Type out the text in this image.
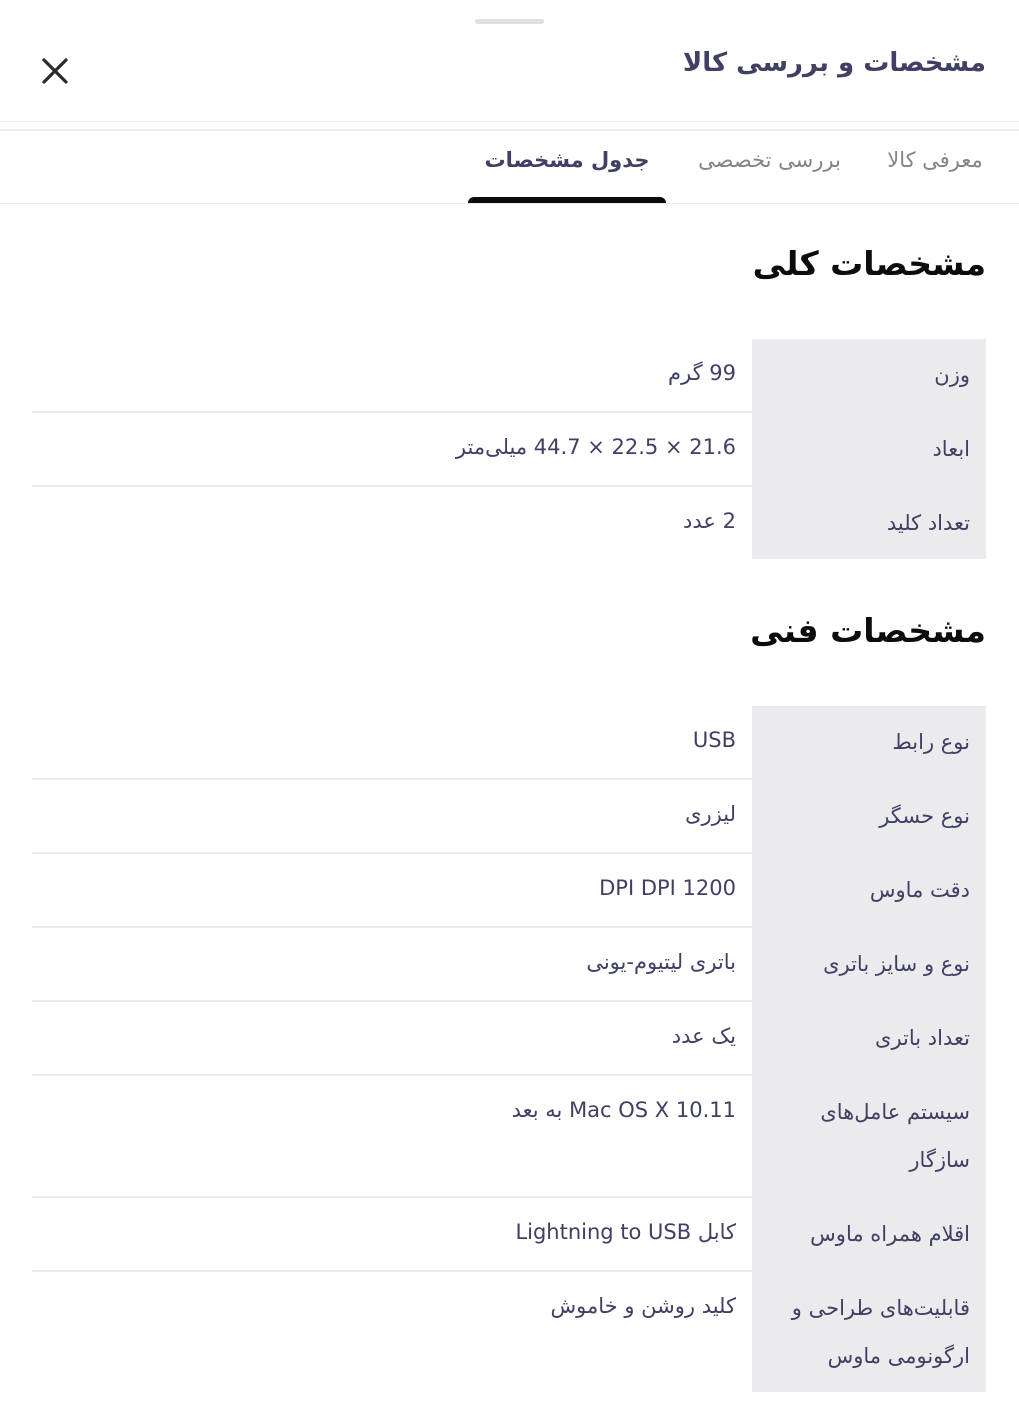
مشخصات و بررسی کالا
معرفی کالا
بررسی تخصصی
جدول مشخصات
مشخصات کلی
وزن
99 گرم
ابعاد
21.6 × 22.5 × 44.7 میلی‌متر
تعداد کلید
2 عدد
مشخصات فنی
نوع رابط
USB
نوع حسگر
لیزری
دقت ماوس
1200 DPI DPI
نوع و سایز باتری
باتری لیتیوم-یونی
تعداد باتری
یک عدد
سیستم عامل‌های سازگار
Mac OS X 10.11 به بعد
اقلام همراه ماوس
کابل Lightning to USB
قابلیت‌های طراحی و ارگونومی ماوس
کلید روشن و خاموش
